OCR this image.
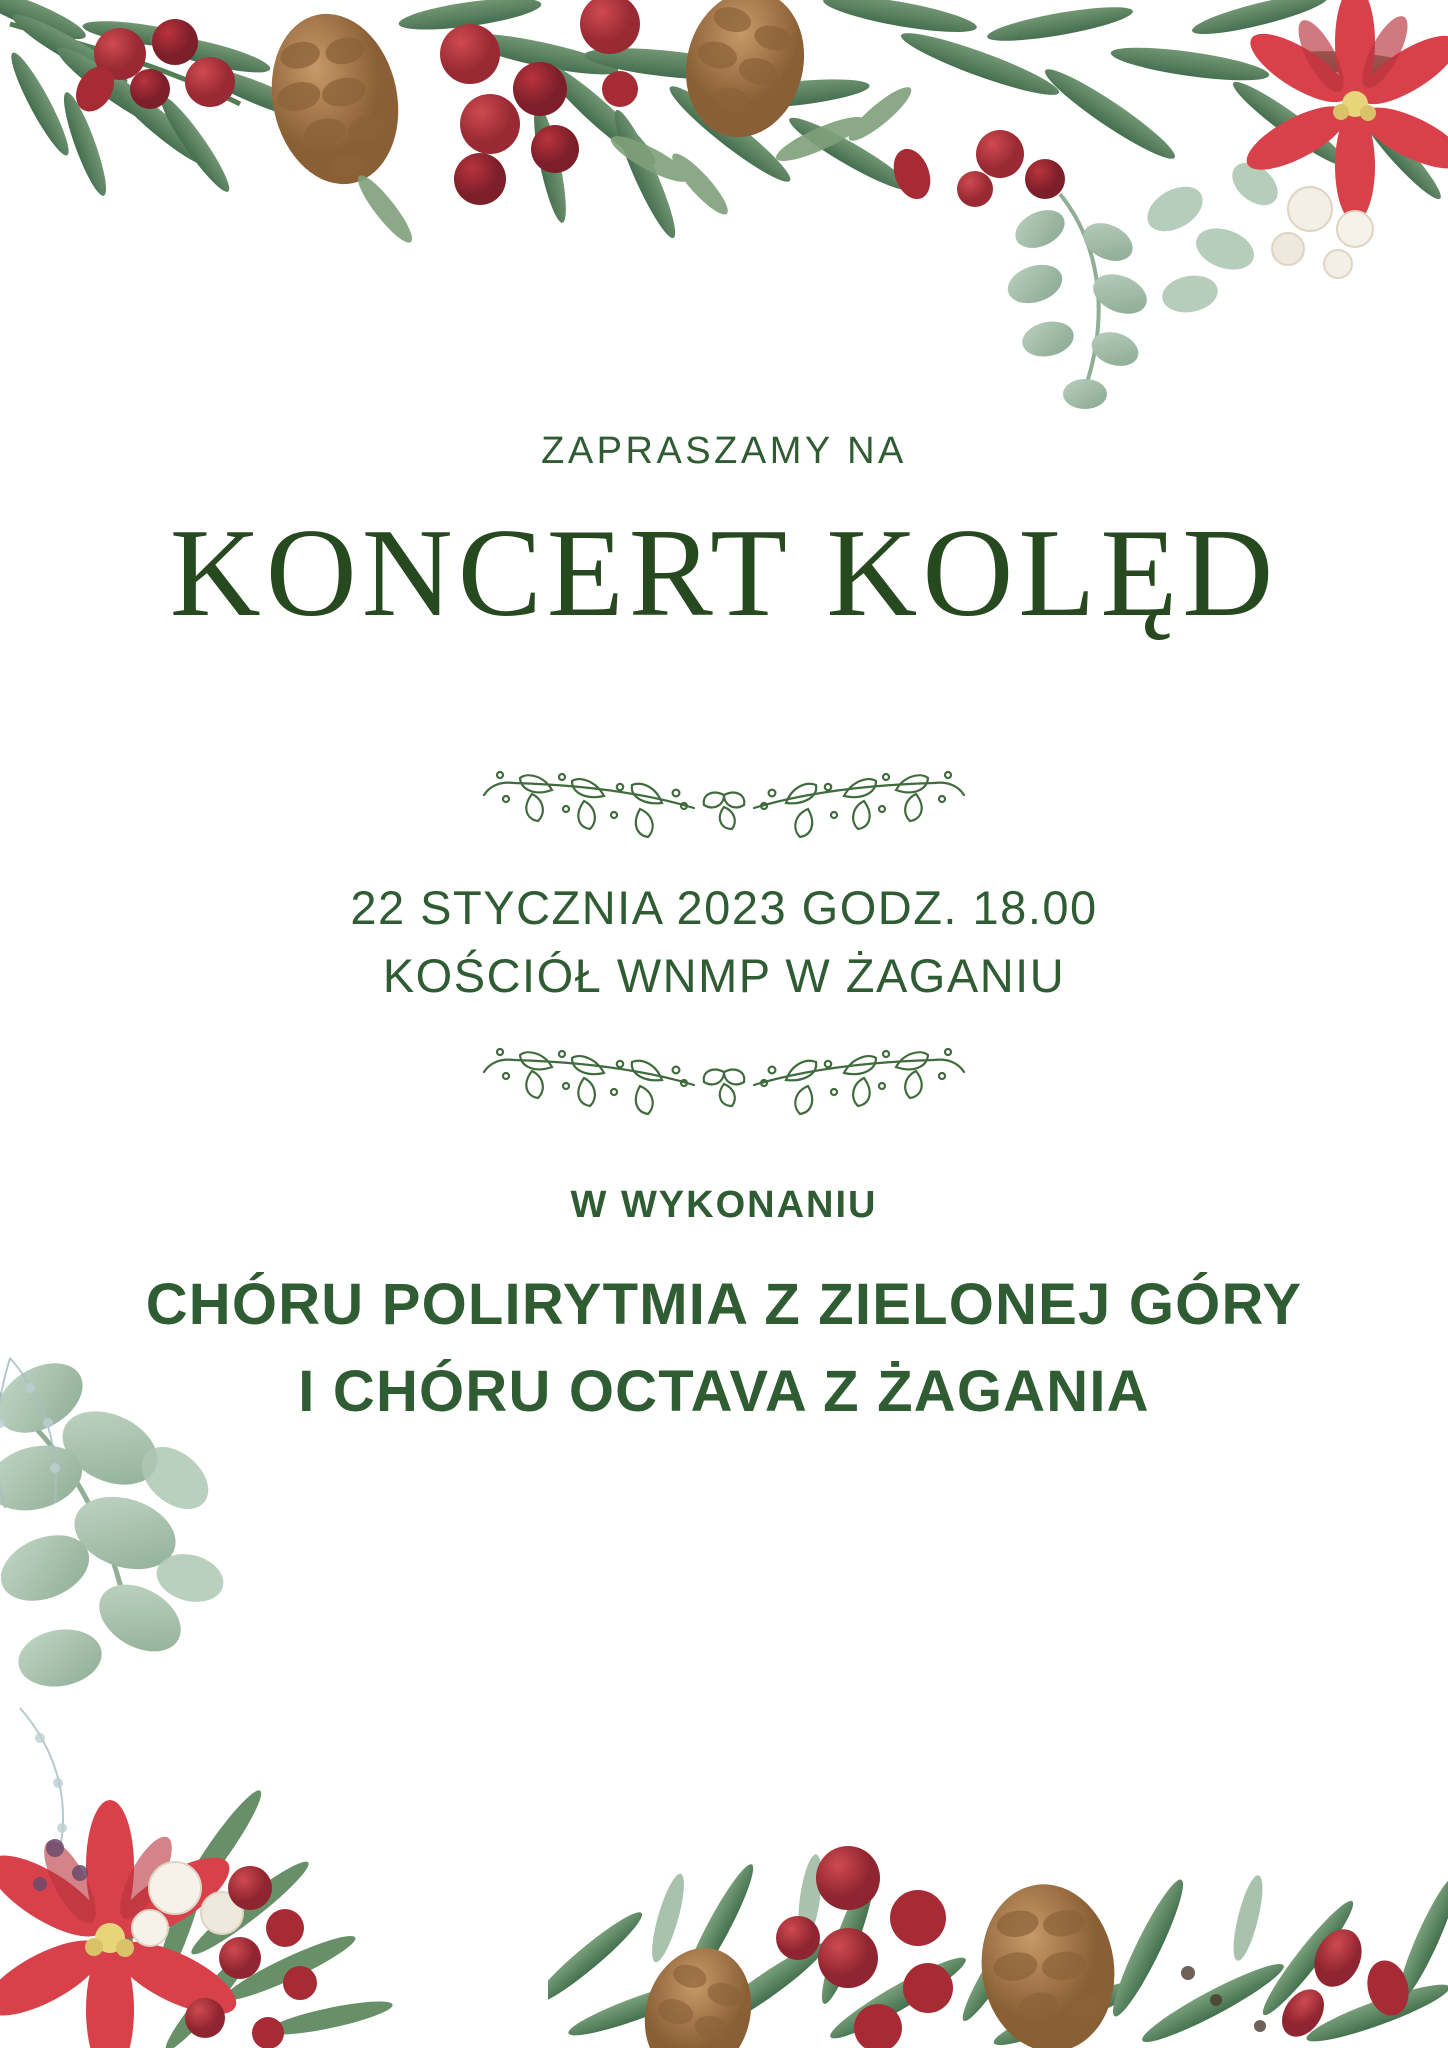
ZAPRASZAMY NA
KONCERT KOLĘD
22 STYCZNIA 2023 GODZ. 18.00
KOŚCIÓŁ WNMP W ŻAGANIU
W WYKONANIU
CHÓRU POLIRYTMIA Z ZIELONEJ GÓRY
I CHÓRU OCTAVA Z ŻAGANIA
